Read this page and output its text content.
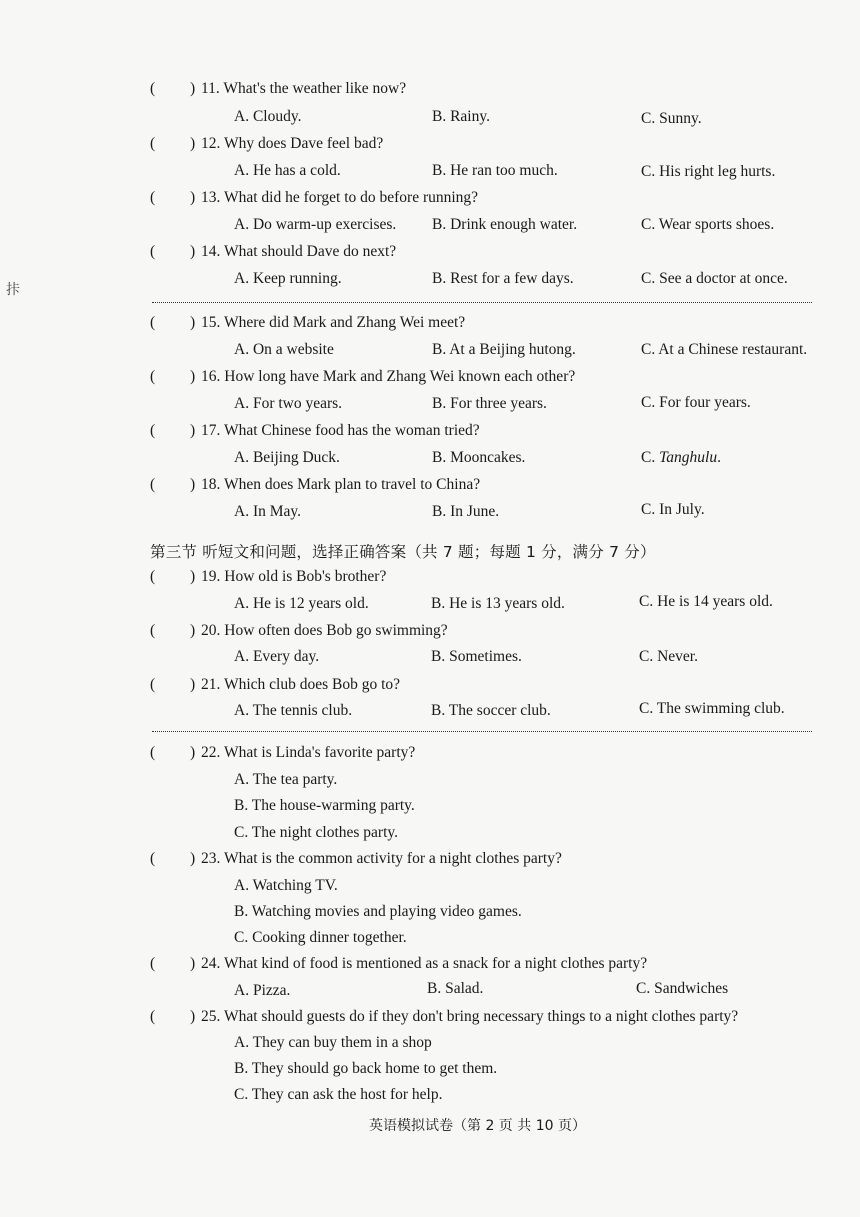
拤
( ) 11. What's the weather like now?
A. Cloudy.	B. Rainy.	C. Sunny.
( ) 12. Why does Dave feel bad?
A. He has a cold.	B. He ran too much.	C. His right leg hurts.
( ) 13. What did he forget to do before running?
A. Do warm-up exercises. B. Drink enough water.	C. Wear sports shoes.
( ) 14. What should Dave do next?
A. Keep running.	B. Rest for a few days.	C. See a doctor at once.
( ) 15. Where did Mark and Zhang Wei meet?
A. On a website	B. At a Beijing hutong.	C. At a Chinese restaurant.
( ) 16. How long have Mark and Zhang Wei known each other?
A. For two years.	B. For three years.	C. For four years.
( ) 17. What Chinese food has the woman tried?
A. Beijing Duck.	B. Mooncakes.	C. Tanghulu.
( ) 18. When does Mark plan to travel to China?
A. In May.	B. In June.	C. In July.
第三节 听短文和问题，选择正确答案（共 7 题；每题 1 分，满分 7 分）
( ) 19. How old is Bob's brother?
A. He is 12 years old.	B. He is 13 years old.	C. He is 14 years old.
( ) 20. How often does Bob go swimming?
A. Every day.	B. Sometimes.	C. Never.
( ) 21. Which club does Bob go to?
A. The tennis club.	B. The soccer club.	C. The swimming club.
( ) 22. What is Linda's favorite party?
A. The tea party.
B. The house-warming party.
C. The night clothes party.
( ) 23. What is the common activity for a night clothes party?
A. Watching TV.
B. Watching movies and playing video games.
C. Cooking dinner together.
( ) 24. What kind of food is mentioned as a snack for a night clothes party?
A. Pizza.	B. Salad.	C. Sandwiches
( ) 25. What should guests do if they don't bring necessary things to a night clothes party?
A. They can buy them in a shop
B. They should go back home to get them.
C. They can ask the host for help.
英语模拟试卷（第 2 页 共 10 页）
